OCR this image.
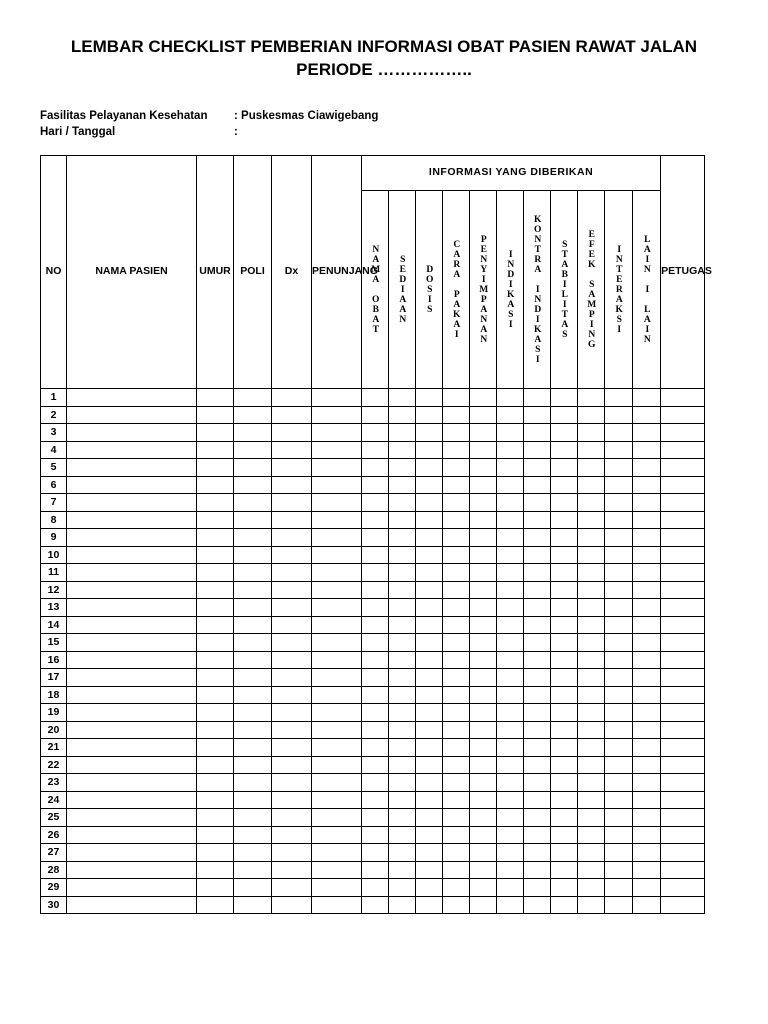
LEMBAR CHECKLIST PEMBERIAN INFORMASI OBAT PASIEN RAWAT JALAN
PERIODE ……………..
Fasilitas Pelayanan Kesehatan	: Puskesmas Ciawigebang
Hari / Tanggal	:
NO	NAMA PASIEN	UMUR	POLI	Dx	PENUNJANG	INFORMASI YANG DIBERIKAN											PETUGAS

						NAMA OBAT	SEDIAAN	DOSIS	CARA PAKAI	PENYIMPANAN	INDIKASI	KONTRA INDIKASI	STABILITAS	EFEK SAMPING	INTERAKSI	LAIN I LAIN	

1																	
2																	
3																	
4																	
5																	
6																	
7																	
8																	
9																	
10																	
11																	
12																	
13																	
14																	
15																	
16																	
17																	
18																	
19																	
20																	
21																	
22																	
23																	
24																	
25																	
26																	
27																	
28																	
29																	
30																	
